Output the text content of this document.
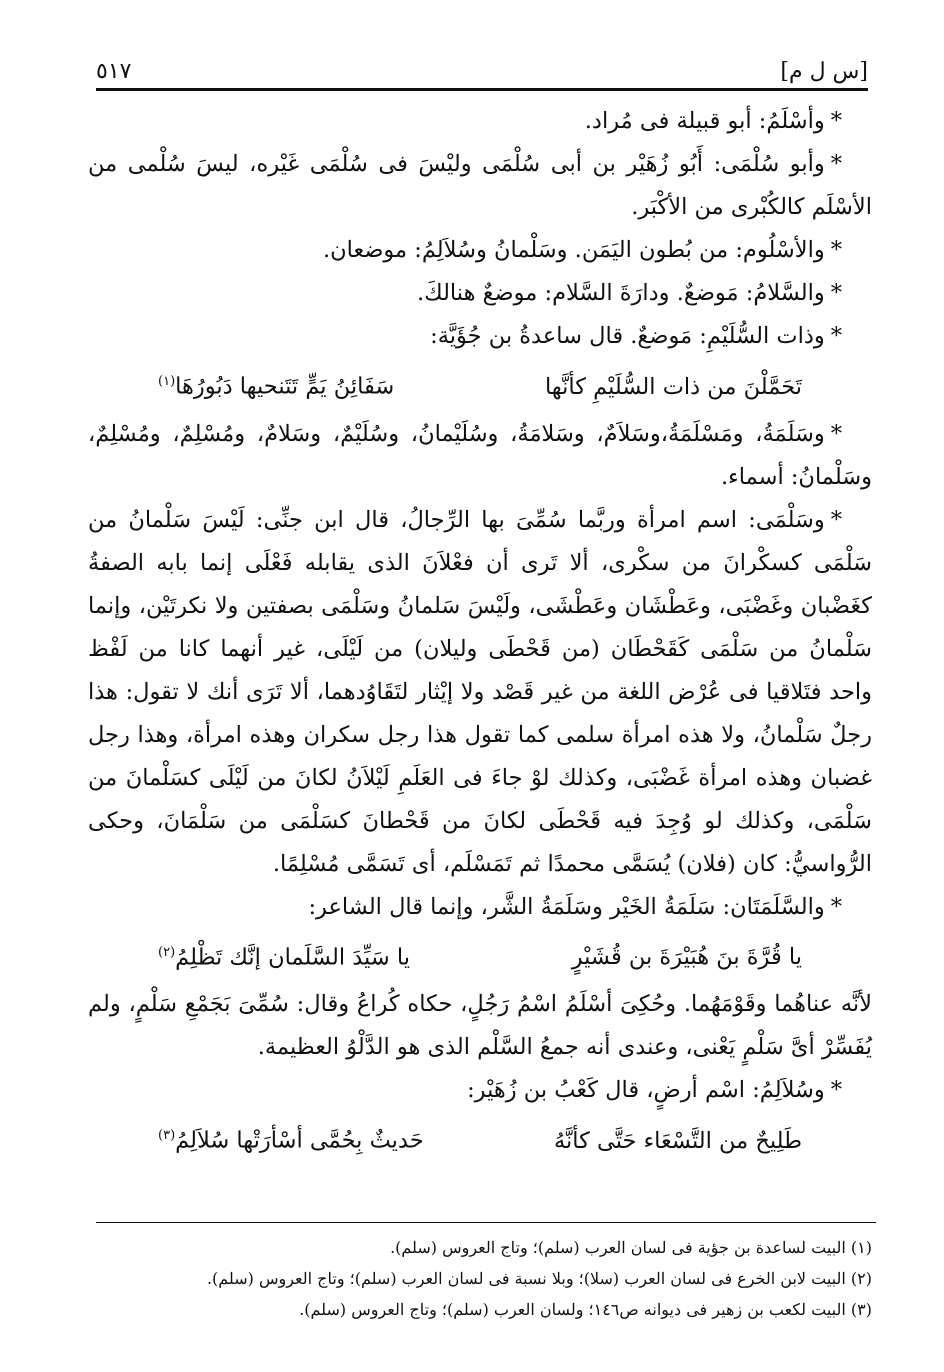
[س ل م]
٥١٧

*وأسْلَمُ: أبو قبيلة فى مُراد.

*وأبو سُلْمَى: أَبُو زُهَيْر بن أبى سُلْمَى وليْسَ فى سُلْمَى غَيْره، ليسَ سُلْمى من الأسْلَم كالكُبْرى من الأكْبَر.

*والأسْلُوم: من بُطون اليَمَن. وسَلْمانُ وسُلاَلِمُ: موضعان.

*والسَّلامُ: مَوضعٌ. ودارَةَ السَّلام: موضعٌ هنالكَ.

*وذات السُّلَيْمِ: مَوضعٌ. قال ساعدةُ بن جُؤَيَّة:

تَحَمَّلْنَ من ذات السُّلَيْمِ كأنَّها
سَفَائِنُ يَمٍّ تَتَنحيها دَبُورُهَا$^{(١)}$

*وسَلَمَةُ، ومَسْلَمَةُ،وسَلاَمٌ، وسَلامَةُ، وسُلَيْمانُ، وسُلَيْمٌ، وسَلامٌ، ومُسْلِمٌ، ومُسْلِمٌ، وسَلْمانُ: أسماء.

*وسَلْمَى: اسم امرأة وربَّما سُمِّىَ بها الرِّجالُ، قال ابن جنِّى: لَيْسَ سَلْمانُ من سَلْمَى كسكْرانَ من سكْرى، ألا تَرى أن فعْلاَنَ الذى يقابله فَعْلَى إنما بابه الصفةُ كغَضْبان وغَضْبَى، وعَطْشَان وعَطْشَى، ولَيْسَ سَلمانُ وسَلْمَى بصفتين ولا نكرتَيْن، وإنما سَلْمانُ من سَلْمَى كَقَحْطَان (من قَحْطَى وليلان) من لَيْلَى، غير أنهما كانا من لَفْظ واحد فتَلاقيا فى عُرْض اللغة من غير قَصْد ولا إيْثار لتَقَاوُدهما، ألا تَرَى أنك لا تقول: هذا رجلٌ سَلْمانُ، ولا هذه امرأة سلمى كما تقول هذا رجل سكران وهذه امرأة، وهذا رجل غضبان وهذه امرأة غَضْبَى، وكذلك لوْ جاءَ فى العَلَمِ لَيْلاَنُ لكانَ من لَيْلَى كسَلْمانَ من سَلْمَى، وكذلك لو وُجِدَ فيه قَحْطَى لكانَ من قَحْطانَ كسَلْمَى من سَلْمَانَ، وحكى الرُّواسيُّ: كان (فلان) يُسَمَّى محمدًا ثم تَمَسْلَم، أى تَسَمَّى مُسْلِمًا.

*والسَّلَمَتَان: سَلَمَةُ الخَيْر وسَلَمَةُ الشَّر، وإنما قال الشاعر:

يا قُرَّةَ بنَ هُبَيْرَةَ بن قُشَيْرٍ
يا سَيِّدَ السَّلَمان إنَّك تَظْلِمُ$^{(٢)}$

لأنَّه عناهُما وقَوْمَهُما. وحُكِىَ أسْلَمُ اسْمُ رَجُلٍ، حكاه كُراعُ وقال: سُمِّىَ بَجَمْعِ سَلْمٍ، ولم يُفَسِّرْ أىَّ سَلْمٍ يَعْنى، وعندى أنه جمعُ السَّلْم الذى هو الدَّلْوُ العظيمة.

*وسُلاَلِمُ: اسْم أرضٍ، قال كَعْبُ بن زُهَيْر:

طَلِيحٌ من التَّسْعَاء حَتَّى كأنَّهُ
حَديثٌ بِحُمَّى أسْأرَتْها سُلاَلِمُ$^{(٣)}$

(١) البيت لساعدة بن جؤية فى لسان العرب (سلم)؛ وتاج العروس (سلم).

(٢) البيت لابن الخرع فى لسان العرب (سلا)؛ وبلا نسبة فى لسان العرب (سلم)؛ وتاج العروس (سلم).

(٣) البيت لكعب بن زهير فى ديوانه ص١٤٦؛ ولسان العرب (سلم)؛ وتاج العروس (سلم).
